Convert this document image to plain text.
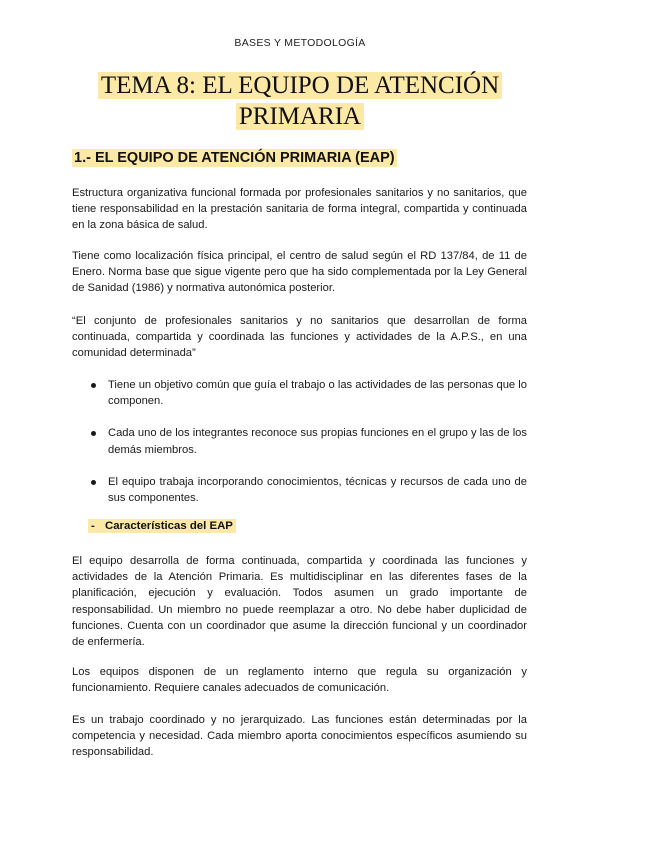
BASES Y METODOLOGÍA
TEMA 8: EL EQUIPO DE ATENCIÓN
PRIMARIA
1.- EL EQUIPO DE ATENCIÓN PRIMARIA (EAP)

Estructura organizativa funcional formada por profesionales sanitarios y no sanitarios, que tiene responsabilidad en la prestación sanitaria de forma integral, compartida y continuada en la zona básica de salud.

Tiene como localización física principal, el centro de salud según el RD 137/84, de 11 de Enero. Norma base que sigue vigente pero que ha sido complementada por la Ley General de Sanidad (1986) y normativa autonómica posterior.

“El conjunto de profesionales sanitarios y no sanitarios que desarrollan de forma continuada, compartida y coordinada las funciones y actividades de la A.P.S., en una comunidad determinada”

Tiene un objetivo común que guía el trabajo o las actividades de las personas que lo componen.
Cada uno de los integrantes reconoce sus propias funciones en el grupo y las de los demás miembros.
El equipo trabaja incorporando conocimientos, técnicas y recursos de cada uno de sus componentes.
- Características del EAP

El equipo desarrolla de forma continuada, compartida y coordinada las funciones y actividades de la Atención Primaria. Es multidisciplinar en las diferentes fases de la planificación, ejecución y evaluación. Todos asumen un grado importante de responsabilidad. Un miembro no puede reemplazar a otro. No debe haber duplicidad de funciones. Cuenta con un coordinador que asume la dirección funcional y un coordinador de enfermería.

Los equipos disponen de un reglamento interno que regula su organización y funcionamiento. Requiere canales adecuados de comunicación.

Es un trabajo coordinado y no jerarquizado. Las funciones están determinadas por la competencia y necesidad. Cada miembro aporta conocimientos específicos asumiendo su responsabilidad.
